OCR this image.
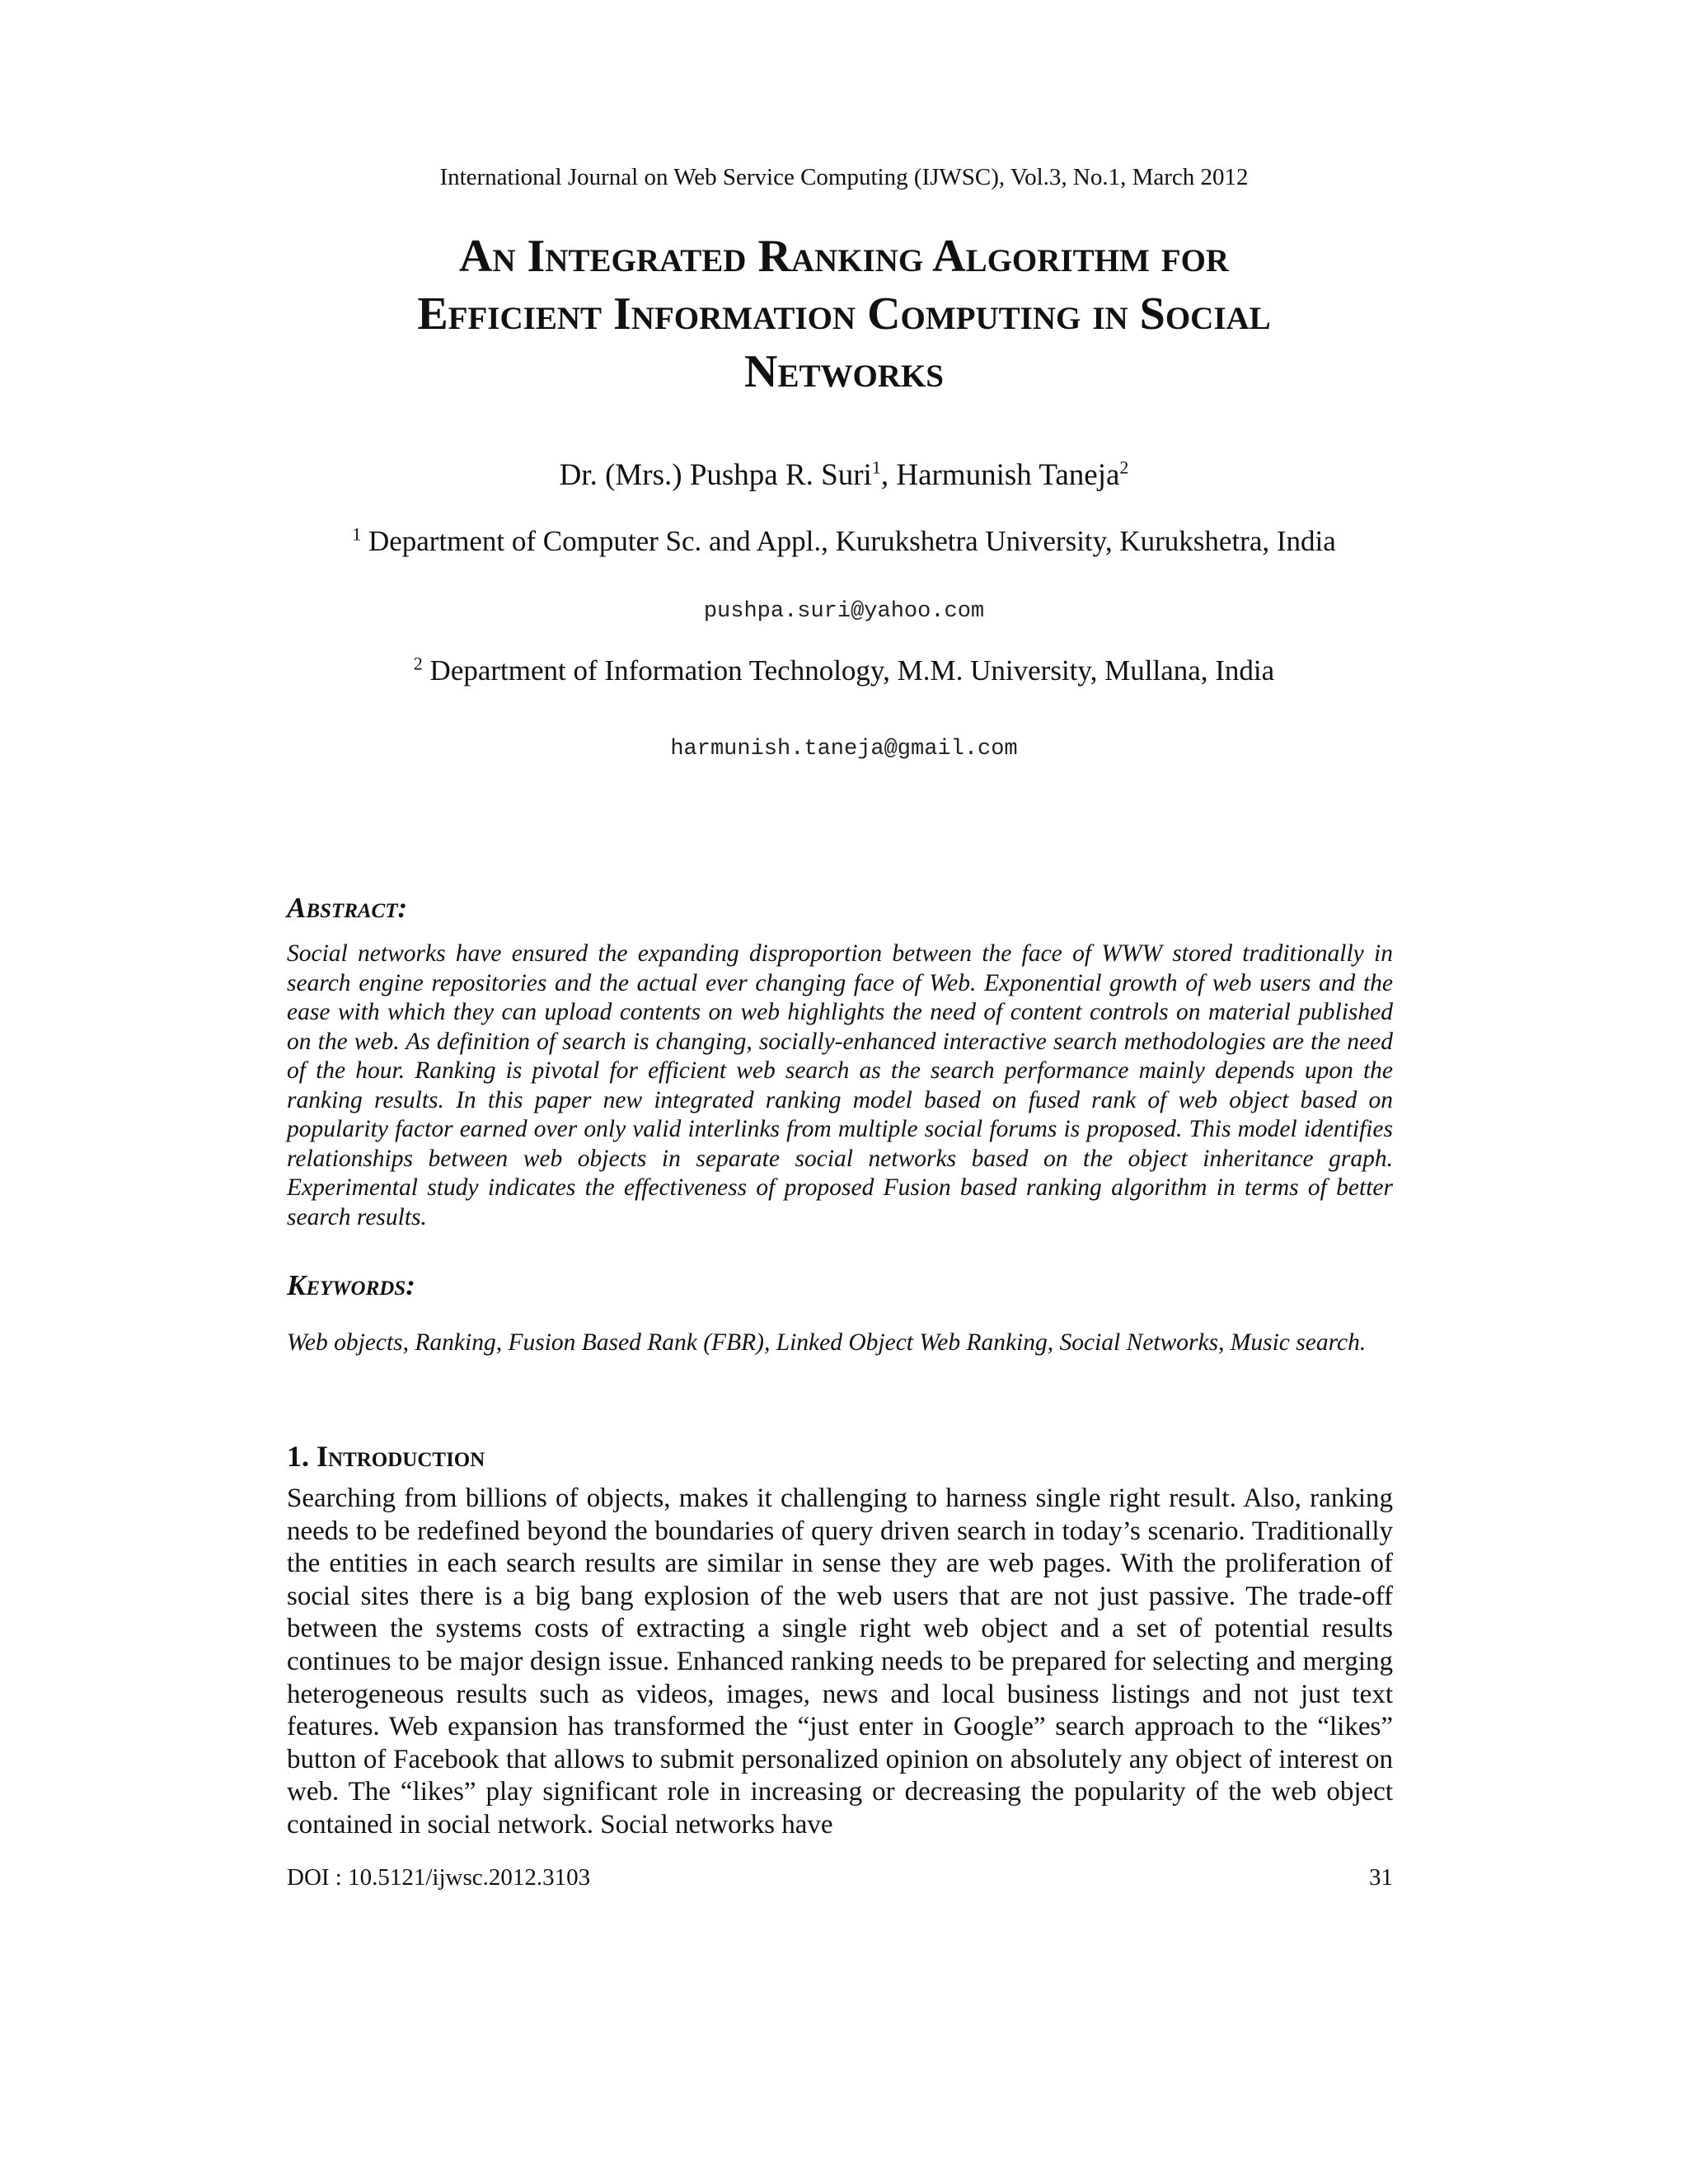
International Journal on Web Service Computing (IJWSC), Vol.3, No.1, March 2012
An Integrated Ranking Algorithm for
Efficient Information Computing in Social
Networks
Dr. (Mrs.) Pushpa R. Suri$^1$, Harmunish Taneja$^2$
$^1$ Department of Computer Sc. and Appl., Kurukshetra University, Kurukshetra, India
pushpa.suri@yahoo.com
$^2$ Department of Information Technology, M.M. University, Mullana, India
harmunish.taneja@gmail.com
Abstract:
Social networks have ensured the expanding disproportion between the face of WWW stored traditionally in search engine repositories and the actual ever changing face of Web. Exponential growth of web users and the ease with which they can upload contents on web highlights the need of content controls on material published on the web. As definition of search is changing, socially-enhanced interactive search methodologies are the need of the hour. Ranking is pivotal for efficient web search as the search performance mainly depends upon the ranking results. In this paper new integrated ranking model based on fused rank of web object based on popularity factor earned over only valid interlinks from multiple social forums is proposed. This model identifies relationships between web objects in separate social networks based on the object inheritance graph. Experimental study indicates the effectiveness of proposed Fusion based ranking algorithm in terms of better search results.
Keywords:
Web objects, Ranking, Fusion Based Rank (FBR), Linked Object Web Ranking, Social Networks, Music search.
1. Introduction
Searching from billions of objects, makes it challenging to harness single right result. Also, ranking needs to be redefined beyond the boundaries of query driven search in today’s scenario. Traditionally the entities in each search results are similar in sense they are web pages. With the proliferation of social sites there is a big bang explosion of the web users that are not just passive. The trade-off between the systems costs of extracting a single right web object and a set of potential results continues to be major design issue. Enhanced ranking needs to be prepared for selecting and merging heterogeneous results such as videos, images, news and local business listings and not just text features. Web expansion has transformed the “just enter in Google” search approach to the “likes” button of Facebook that allows to submit personalized opinion on absolutely any object of interest on web. The “likes” play significant role in increasing or decreasing the popularity of the web object contained in social network. Social networks have
DOI : 10.5121/ijwsc.2012.3103	31
